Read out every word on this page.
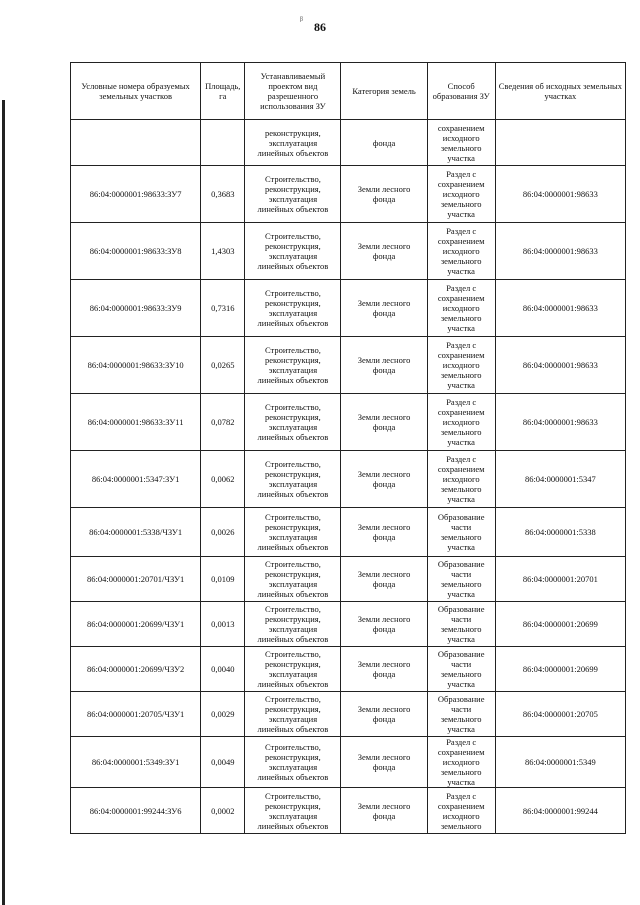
86
ᵦ
Условные номера образуемых земельных участков	Площадь, га	Устанавливаемый проектом вид разрешенного использования ЗУ	Категория земель	Способ образования ЗУ	Сведения об исходных земельных участках

		реконструкция,
эксплуатация
линейных объектов	фонда	сохранением
исходного
земельного
участка	

86:04:0000001:98633:ЗУ7	0,3683	Строительство,
реконструкция,
эксплуатация
линейных объектов	Земли лесного
фонда	Раздел с
сохранением
исходного
земельного
участка	86:04:0000001:98633
86:04:0000001:98633:ЗУ8	1,4303	Строительство,
реконструкция,
эксплуатация
линейных объектов	Земли лесного
фонда	Раздел с
сохранением
исходного
земельного
участка	86:04:0000001:98633
86:04:0000001:98633:ЗУ9	0,7316	Строительство,
реконструкция,
эксплуатация
линейных объектов	Земли лесного
фонда	Раздел с
сохранением
исходного
земельного
участка	86:04:0000001:98633
86:04:0000001:98633:ЗУ10	0,0265	Строительство,
реконструкция,
эксплуатация
линейных объектов	Земли лесного
фонда	Раздел с
сохранением
исходного
земельного
участка	86:04:0000001:98633
86:04:0000001:98633:ЗУ11	0,0782	Строительство,
реконструкция,
эксплуатация
линейных объектов	Земли лесного
фонда	Раздел с
сохранением
исходного
земельного
участка	86:04:0000001:98633
86:04:0000001:5347:ЗУ1	0,0062	Строительство,
реконструкция,
эксплуатация
линейных объектов	Земли лесного
фонда	Раздел с
сохранением
исходного
земельного
участка	86:04:0000001:5347
86:04:0000001:5338/ЧЗУ1	0,0026	Строительство,
реконструкция,
эксплуатация
линейных объектов	Земли лесного
фонда	Образование
части
земельного
участка	86:04:0000001:5338
86:04:0000001:20701/ЧЗУ1	0,0109	Строительство,
реконструкция,
эксплуатация
линейных объектов	Земли лесного
фонда	Образование
части
земельного
участка	86:04:0000001:20701
86:04:0000001:20699/ЧЗУ1	0,0013	Строительство,
реконструкция,
эксплуатация
линейных объектов	Земли лесного
фонда	Образование
части
земельного
участка	86:04:0000001:20699
86:04:0000001:20699/ЧЗУ2	0,0040	Строительство,
реконструкция,
эксплуатация
линейных объектов	Земли лесного
фонда	Образование
части
земельного
участка	86:04:0000001:20699
86:04:0000001:20705/ЧЗУ1	0,0029	Строительство,
реконструкция,
эксплуатация
линейных объектов	Земли лесного
фонда	Образование
части
земельного
участка	86:04:0000001:20705
86:04:0000001:5349:ЗУ1	0,0049	Строительство,
реконструкция,
эксплуатация
линейных объектов	Земли лесного
фонда	Раздел с
сохранением
исходного
земельного
участка	86:04:0000001:5349
86:04:0000001:99244:ЗУ6	0,0002	Строительство,
реконструкция,
эксплуатация
линейных объектов	Земли лесного
фонда	Раздел с
сохранением
исходного
земельного	86:04:0000001:99244
